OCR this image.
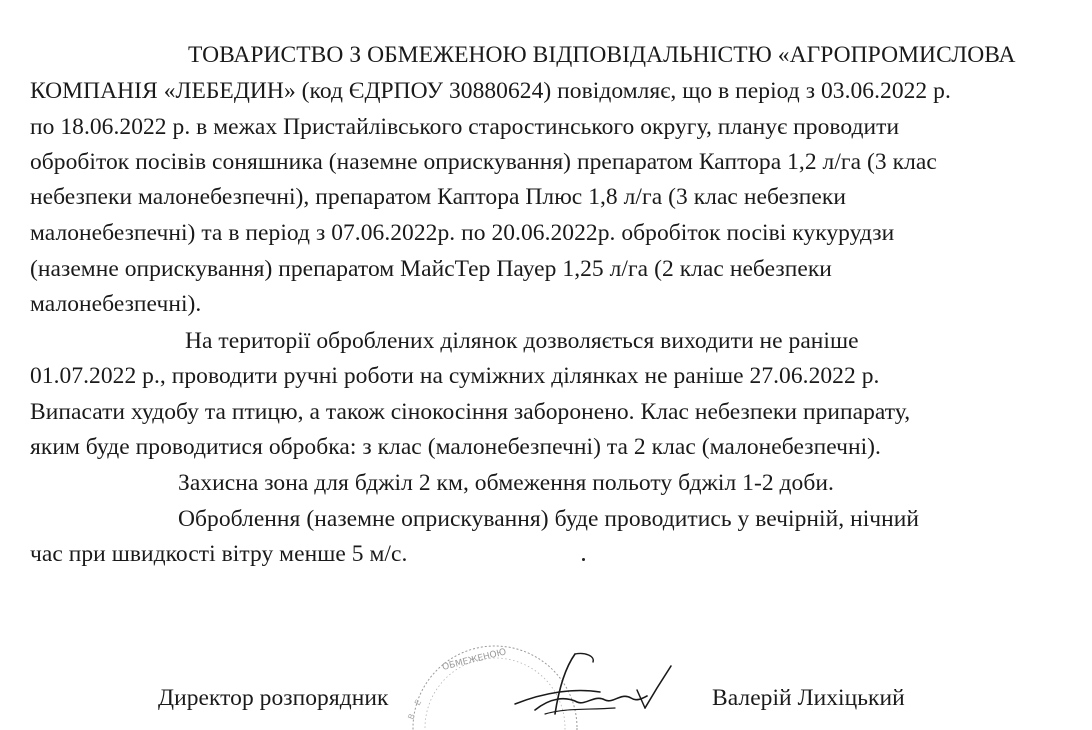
ТОВАРИСТВО З ОБМЕЖЕНОЮ ВІДПОВІДАЛЬНІСТЮ «АГРОПРОМИСЛОВА
КОМПАНІЯ «ЛЕБЕДИН» (код ЄДРПОУ 30880624) повідомляє, що в період з 03.06.2022 р.
по 18.06.2022 р. в межах Пристайлівського старостинського округу, планує проводити
обробіток посівів соняшника (наземне оприскування) препаратом Каптора 1,2 л/га (3 клас
небезпеки малонебезпечні), препаратом Каптора Плюс 1,8 л/га (3 клас небезпеки
малонебезпечні) та в період з 07.06.2022р. по 20.06.2022р. обробіток посіві кукурудзи
(наземне оприскування) препаратом МайсТер Пауер 1,25 л/га (2 клас небезпеки
малонебезпечні).
На території оброблених ділянок дозволяється виходити не раніше
01.07.2022 р., проводити ручні роботи на суміжних ділянках не раніше 27.06.2022 р.
Випасати худобу та птицю, а також сінокосіння заборонено. Клас небезпеки припарату,
яким буде проводитися обробка: з клас (малонебезпечні) та 2 клас (малонебезпечні).
Захисна зона для бджіл 2 км, обмеження польоту бджіл 1-2 доби.
Оброблення (наземне оприскування) буде проводитись у вечірній, нічний
час при швидкості вітру менше 5 м/с.
ОБМЕЖЕНОЮ
В
Е
Директор розпорядник	Валерій Лихіцький
